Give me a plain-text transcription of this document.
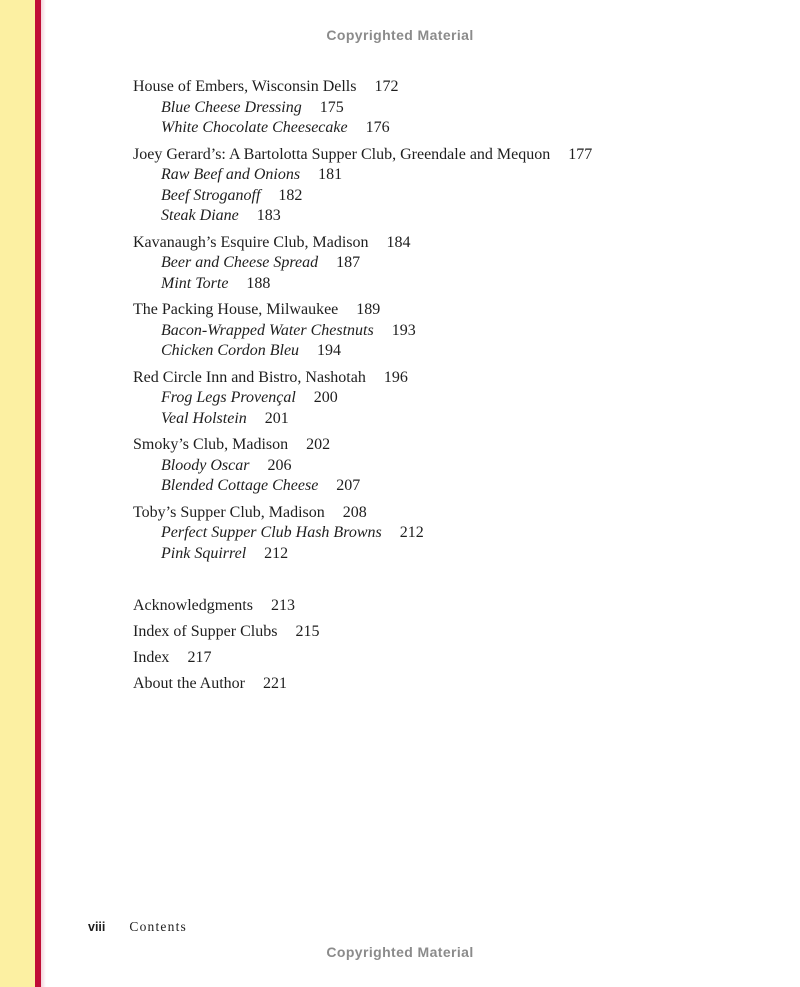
Copyrighted Material
House of Embers, Wisconsin Dells 172
Blue Cheese Dressing 175
White Chocolate Cheesecake 176
Joey Gerard’s: A Bartolotta Supper Club, Greendale and Mequon 177
Raw Beef and Onions 181
Beef Stroganoff 182
Steak Diane 183
Kavanaugh’s Esquire Club, Madison 184
Beer and Cheese Spread 187
Mint Torte 188
The Packing House, Milwaukee 189
Bacon-Wrapped Water Chestnuts 193
Chicken Cordon Bleu 194
Red Circle Inn and Bistro, Nashotah 196
Frog Legs Provençal 200
Veal Holstein 201
Smoky’s Club, Madison 202
Bloody Oscar 206
Blended Cottage Cheese 207
Toby’s Supper Club, Madison 208
Perfect Supper Club Hash Browns 212
Pink Squirrel 212
Acknowledgments 213
Index of Supper Clubs 215
Index 217
About the Author 221
viii Contents
Copyrighted Material
